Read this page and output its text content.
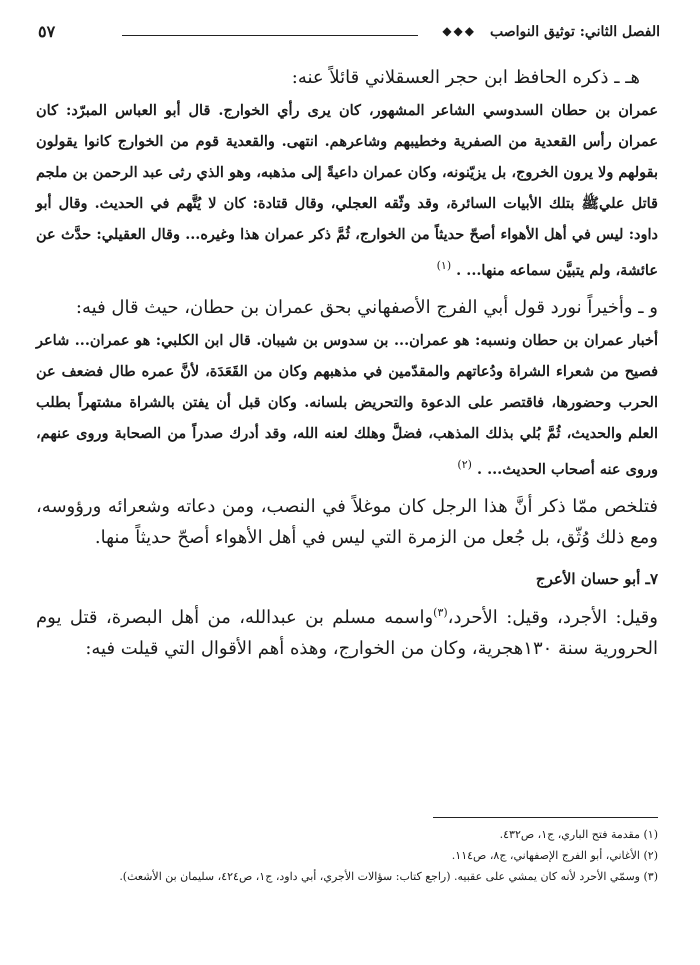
الفصل الثاني: توثيق النواصب
◆◆◆
٥٧

هـ ـ ذكره الحافظ ابن حجر العسقلاني قائلاً عنه:

عمران بن حطان السدوسي الشاعر المشهور، كان يرى رأي الخوارج. قال أبو العباس المبرّد: كان عمران رأس القعدية من الصفرية وخطيبهم وشاعرهم. انتهى. والقعدية قوم من الخوارج كانوا يقولون بقولهم ولا يرون الخروج، بل يزيّنونه، وكان عمران داعيةً إلى مذهبه، وهو الذي رثى عبد الرحمن بن ملجم قاتل عليﷺ بتلك الأبيات السائرة، وقد وثّقه العجلي، وقال قتادة: كان لا يُتَّهم في الحديث. وقال أبو داود: ليس في أهل الأهواء أصحّ حديثاً من الخوارج، ثُمَّ ذكر عمران هذا وغيره... وقال العقيلي: حدَّث عن عائشة، ولم يتبيَّن سماعه منها... . $^{(١)}$

و ـ وأخيراً نورد قول أبي الفرج الأصفهاني بحق عمران بن حطان، حيث قال فيه:

أخبار عمران بن حطان ونسبه: هو عمران... بن سدوس بن شيبان. قال ابن الكلبي: هو عمران... شاعر فصيح من شعراء الشراة ودُعاتهم والمقدّمين في مذهبهم وكان من القَعَدَة، لأنَّ عمره طال فضعف عن الحرب وحضورها، فاقتصر على الدعوة والتحريض بلسانه. وكان قبل أن يفتن بالشراة مشتهراً بطلب العلم والحديث، ثُمَّ بُلي بذلك المذهب، فضلَّ وهلك لعنه الله، وقد أدرك صدراً من الصحابة وروى عنهم، وروى عنه أصحاب الحديث... . $^{(٢)}$

فتلخص ممّا ذكر أنَّ هذا الرجل كان موغلاً في النصب، ومن دعاته وشعرائه ورؤوسه، ومع ذلك وُثّق، بل جُعل من الزمرة التي ليس في أهل الأهواء أصحّ حديثاً منها.

٧ـ أبو حسان الأعرج

وقيل: الأجرد، وقيل: الأحرد،$^{(٣)}$واسمه مسلم بن عبدالله، من أهل البصرة، قتل يوم الحرورية سنة ١٣٠هجرية، وكان من الخوارج، وهذه أهم الأقوال التي قيلت فيه:

(١) مقدمة فتح الباري، ج١، ص٤٣٢.

(٢) الأغاني، أبو الفرج الإصفهاني، ج٨، ص١١٤.

(٣) وسمّي الأحرد لأنه كان يمشي على عقبيه. (راجع كتاب: سؤالات الأجري، أبي داود، ج١، ص٤٢٤، سليمان بن الأشعث).
